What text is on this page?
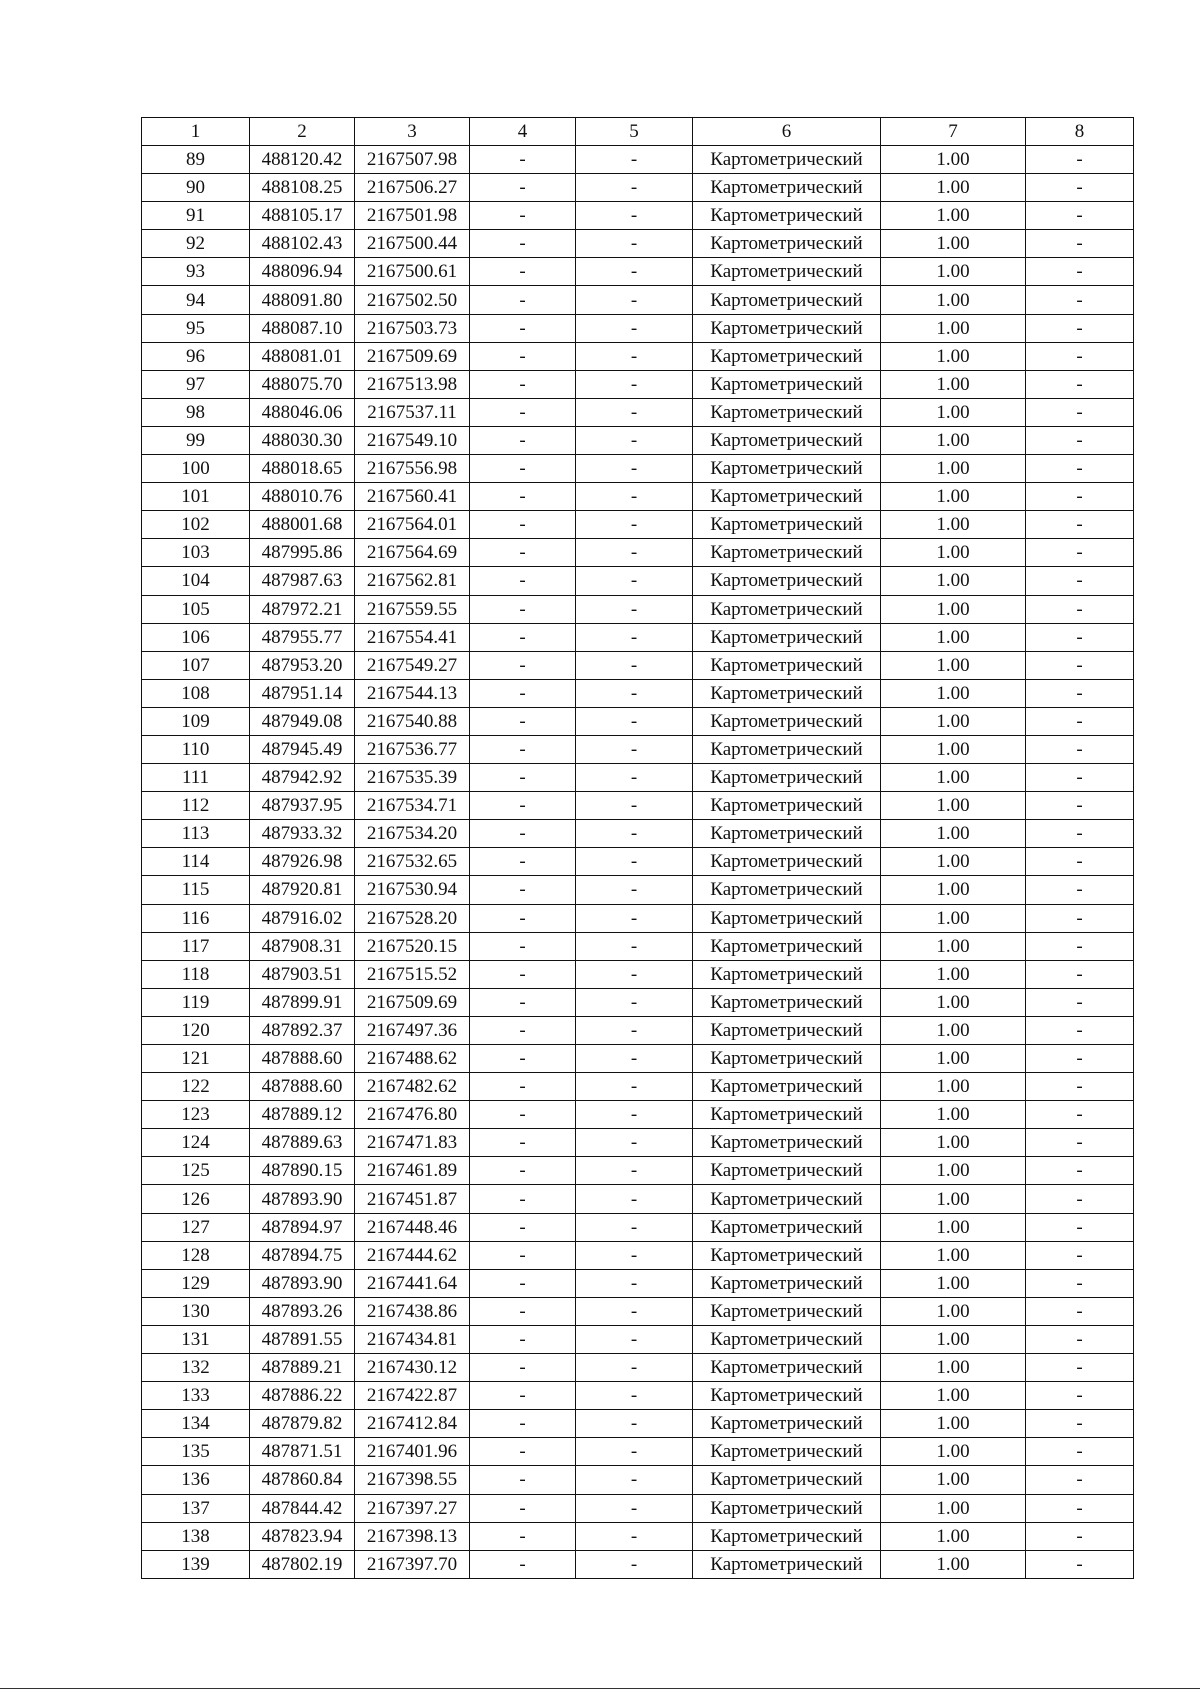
1	2	3	4	5	6	7	8
89	488120.42	2167507.98	-	-	Картометрический	1.00	-
90	488108.25	2167506.27	-	-	Картометрический	1.00	-
91	488105.17	2167501.98	-	-	Картометрический	1.00	-
92	488102.43	2167500.44	-	-	Картометрический	1.00	-
93	488096.94	2167500.61	-	-	Картометрический	1.00	-
94	488091.80	2167502.50	-	-	Картометрический	1.00	-
95	488087.10	2167503.73	-	-	Картометрический	1.00	-
96	488081.01	2167509.69	-	-	Картометрический	1.00	-
97	488075.70	2167513.98	-	-	Картометрический	1.00	-
98	488046.06	2167537.11	-	-	Картометрический	1.00	-
99	488030.30	2167549.10	-	-	Картометрический	1.00	-
100	488018.65	2167556.98	-	-	Картометрический	1.00	-
101	488010.76	2167560.41	-	-	Картометрический	1.00	-
102	488001.68	2167564.01	-	-	Картометрический	1.00	-
103	487995.86	2167564.69	-	-	Картометрический	1.00	-
104	487987.63	2167562.81	-	-	Картометрический	1.00	-
105	487972.21	2167559.55	-	-	Картометрический	1.00	-
106	487955.77	2167554.41	-	-	Картометрический	1.00	-
107	487953.20	2167549.27	-	-	Картометрический	1.00	-
108	487951.14	2167544.13	-	-	Картометрический	1.00	-
109	487949.08	2167540.88	-	-	Картометрический	1.00	-
110	487945.49	2167536.77	-	-	Картометрический	1.00	-
111	487942.92	2167535.39	-	-	Картометрический	1.00	-
112	487937.95	2167534.71	-	-	Картометрический	1.00	-
113	487933.32	2167534.20	-	-	Картометрический	1.00	-
114	487926.98	2167532.65	-	-	Картометрический	1.00	-
115	487920.81	2167530.94	-	-	Картометрический	1.00	-
116	487916.02	2167528.20	-	-	Картометрический	1.00	-
117	487908.31	2167520.15	-	-	Картометрический	1.00	-
118	487903.51	2167515.52	-	-	Картометрический	1.00	-
119	487899.91	2167509.69	-	-	Картометрический	1.00	-
120	487892.37	2167497.36	-	-	Картометрический	1.00	-
121	487888.60	2167488.62	-	-	Картометрический	1.00	-
122	487888.60	2167482.62	-	-	Картометрический	1.00	-
123	487889.12	2167476.80	-	-	Картометрический	1.00	-
124	487889.63	2167471.83	-	-	Картометрический	1.00	-
125	487890.15	2167461.89	-	-	Картометрический	1.00	-
126	487893.90	2167451.87	-	-	Картометрический	1.00	-
127	487894.97	2167448.46	-	-	Картометрический	1.00	-
128	487894.75	2167444.62	-	-	Картометрический	1.00	-
129	487893.90	2167441.64	-	-	Картометрический	1.00	-
130	487893.26	2167438.86	-	-	Картометрический	1.00	-
131	487891.55	2167434.81	-	-	Картометрический	1.00	-
132	487889.21	2167430.12	-	-	Картометрический	1.00	-
133	487886.22	2167422.87	-	-	Картометрический	1.00	-
134	487879.82	2167412.84	-	-	Картометрический	1.00	-
135	487871.51	2167401.96	-	-	Картометрический	1.00	-
136	487860.84	2167398.55	-	-	Картометрический	1.00	-
137	487844.42	2167397.27	-	-	Картометрический	1.00	-
138	487823.94	2167398.13	-	-	Картометрический	1.00	-
139	487802.19	2167397.70	-	-	Картометрический	1.00	-
